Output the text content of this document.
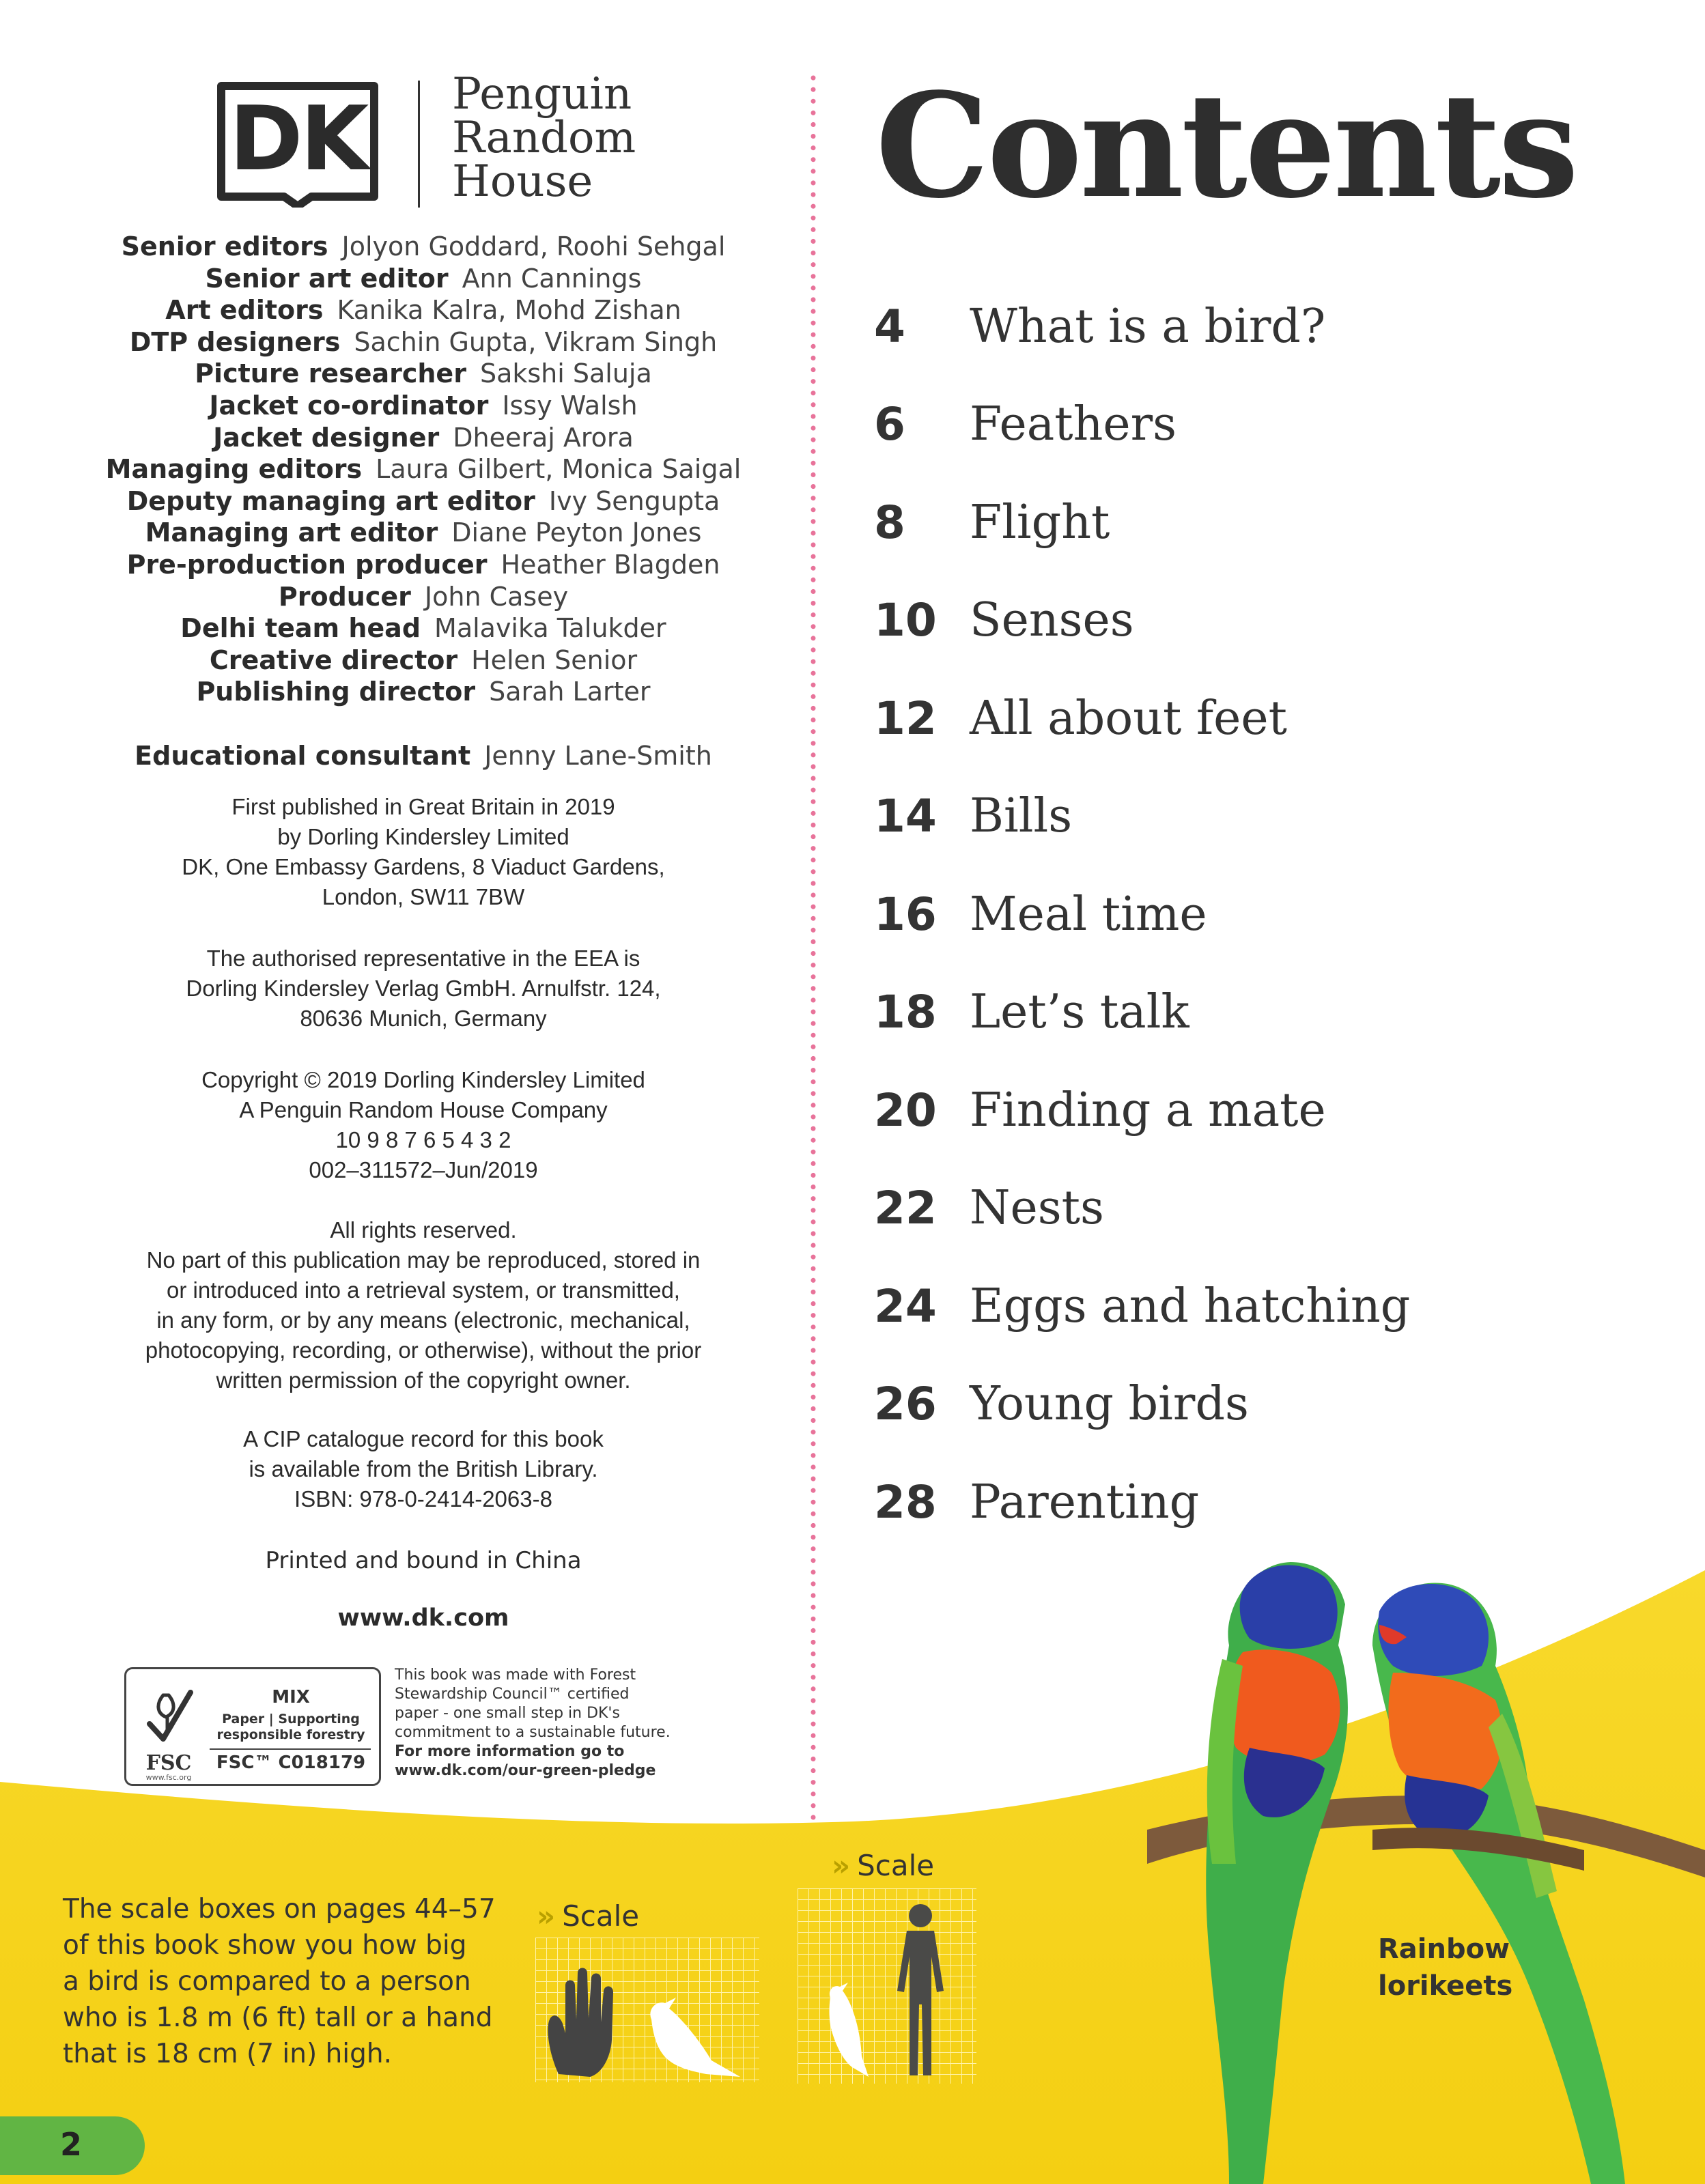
DK	Penguin
Random
House
Senior editors Jolyon Goddard, Roohi Sehgal
Senior art editor Ann Cannings
Art editors Kanika Kalra, Mohd Zishan
DTP designers Sachin Gupta, Vikram Singh
Picture researcher Sakshi Saluja
Jacket co-ordinator Issy Walsh
Jacket designer Dheeraj Arora
Managing editors Laura Gilbert, Monica Saigal
Deputy managing art editor Ivy Sengupta
Managing art editor Diane Peyton Jones
Pre-production producer Heather Blagden
Producer John Casey
Delhi team head Malavika Talukder
Creative director Helen Senior
Publishing director Sarah Larter
Educational consultant Jenny Lane-Smith
First published in Great Britain in 2019
by Dorling Kindersley Limited
DK, One Embassy Gardens, 8 Viaduct Gardens,
London, SW11 7BW
The authorised representative in the EEA is
Dorling Kindersley Verlag GmbH. Arnulfstr. 124,
80636 Munich, Germany
Copyright © 2019 Dorling Kindersley Limited
A Penguin Random House Company
10 9 8 7 6 5 4 3 2
002–311572–Jun/2019
All rights reserved.
No part of this publication may be reproduced, stored in
or introduced into a retrieval system, or transmitted,
in any form, or by any means (electronic, mechanical,
photocopying, recording, or otherwise), without the prior
written permission of the copyright owner.
A CIP catalogue record for this book
is available from the British Library.
ISBN: 978-0-2414-2063-8
Printed and bound in China
www.dk.com
FSC
www.fsc.org
MIX
Paper | Supporting
responsible forestry
FSC™ C018179
This book was made with Forest
Stewardship Council™ certified
paper - one small step in DK's
commitment to a sustainable future.
For more information go to
www.dk.com/our-green-pledge
Contents
4	What is a bird?
6	Feathers
8	Flight
10 Senses
12 All about feet
14 Bills
16 Meal time
18 Let’s talk
20 Finding a mate
22 Nests
24 Eggs and hatching
26 Young birds
28 Parenting
The scale boxes on pages 44–57
of this book show you how big
a bird is compared to a person
who is 1.8 m (6 ft) tall or a hand
that is 18 cm (7 in) high.
» Scale
» Scale
Rainbow
lorikeets
2
